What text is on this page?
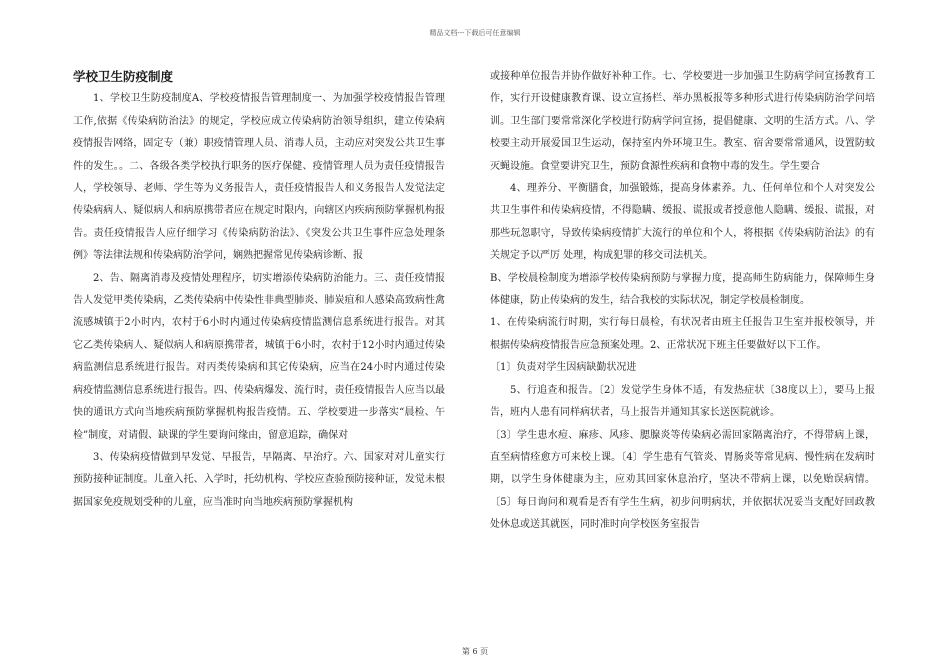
精品文档---下载后可任意编辑
学校卫生防疫制度

1、学校卫生防疫制度A、学校疫情报告管理制度一、为加强学校疫情报告管理工作,依据《传染病防治法》的规定，学校应成立传染病防治领导组织，建立传染病疫情报告网络，固定专（兼）职疫情管理人员、消毒人员，主动应对突发公共卫生事件的发生。。二、各级各类学校执行职务的医疗保健、疫情管理人员为责任疫情报告人，学校领导、老师、学生等为义务报告人，责任疫情报告人和义务报告人发觉法定传染病病人、疑似病人和病原携带者应在规定时限内，向辖区内疾病预防掌握机构报告。责任疫情报告人应仔细学习《传染病防治法》、《突发公共卫生事件应急处理条例》等法律法规和传染病防治学问，娴熟把握常见传染病诊断、报

2、告、隔离消毒及疫情处理程序，切实增添传染病防治能力。三、责任疫情报告人发觉甲类传染病，乙类传染病中传染性非典型肺炎、肺炭疽和人感染高致病性禽流感城镇于2小时内，农村于6小时内通过传染病疫情监测信息系统进行报告。对其它乙类传染病人、疑似病人和病原携带者，城镇于6小时，农村于12小时内通过传染病监测信息系统进行报告。对丙类传染病和其它传染病，应当在24小时内通过传染病疫情监测信息系统进行报告。四、传染病爆发、流行时，责任疫情报告人应当以最快的通讯方式向当地疾病预防掌握机构报告疫情。五、学校要进一步落实“晨检、午检”制度，对请假、缺课的学生要询问缘由，留意追踪，确保对

3、传染病疫情做到早发觉、早报告，早隔离、早治疗。六、国家对对儿童实行预防接种证制度。儿童入托、入学时，托幼机构、学校应查验预防接种证，发觉未根据国家免疫规划受种的儿童，应当准时向当地疾病预防掌握机构

或接种单位报告并协作做好补种工作。七、学校要进一步加强卫生防病学问宣扬教育工作，实行开设健康教育课、设立宣扬栏、举办黑板报等多种形式进行传染病防治学问培训。卫生部门要常常深化学校进行防病学问宣扬，提倡健康、文明的生活方式。八、学校要主动开展爱国卫生运动，保持室内外环境卫生。教室、宿舍要常常通风，设置防蚊灭蝇设施。食堂要讲究卫生，预防食源性疾病和食物中毒的发生。学生要合

4、理养分、平衡膳食，加强锻炼，提高身体素养。九、任何单位和个人对突发公共卫生事件和传染病疫情，不得隐瞒、缓报、谎报或者授意他人隐瞒、缓报、谎报，对那些玩忽职守，导致传染病疫情扩大流行的单位和个人，将根据《传染病防治法》的有关规定予以严厉 处理，构成犯罪的移交司法机关。

B、学校晨检制度为增添学校传染病预防与掌握力度，提高师生防病能力，保障师生身体健康，防止传染病的发生，结合我校的实际状况，制定学校晨检制度。

1、在传染病流行时期，实行每日晨检，有状况者由班主任报告卫生室并报校领导，并根据传染病疫情报告应急预案处理。2、正常状况下班主任要做好以下工作。

〔1〕负责对学生因病缺勤状况进

5、行追查和报告。〔2〕发觉学生身体不适，有发热症状〔38度以上〕，要马上报告，班内人患有同样病状者，马上报告并通知其家长送医院就诊。

〔3〕学生患水痘、麻疹、风疹、腮腺炎等传染病必需回家隔离治疗，不得带病上课，直至病情痊愈方可来校上课。〔4〕学生患有气管炎、胃肠炎等常见病、慢性病在发病时期，以学生身体健康为主，应劝其回家休息治疗，坚决不带病上课，以免贻误病情。〔5〕每日询问和观看是否有学生生病，初步问明病状，并依据状况妥当支配好回政教处休息或送其就医，同时准时向学校医务室报告

第 6 页
